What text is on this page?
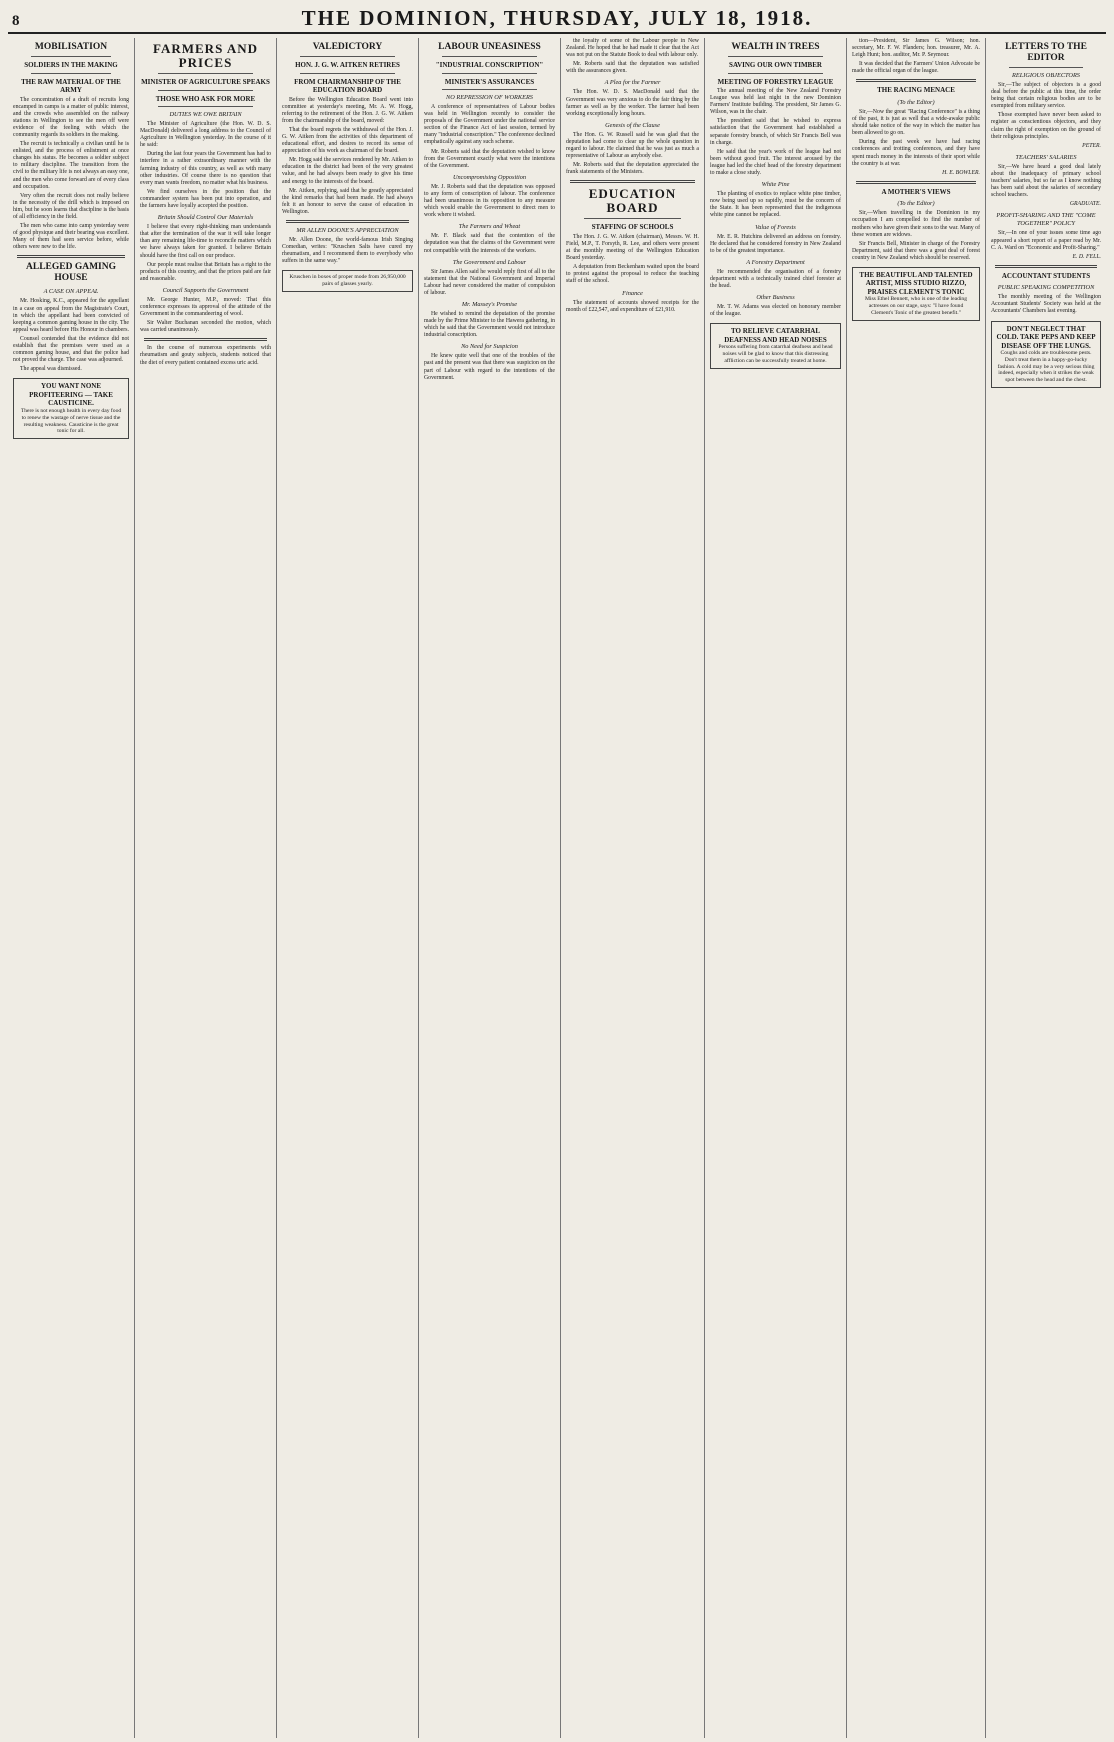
8	THE DOMINION, THURSDAY, JULY 18, 1918.
MOBILISATION
SOLDIERS IN THE MAKING
THE RAW MATERIAL OF THE ARMY

The concentration of a draft of recruits long encamped in camps is a matter of public interest, and the crowds who assembled on the railway stations in Wellington to see the men off were evidence of the feeling with which the community regards its soldiers in the making.

The recruit is technically a civilian until he is enlisted, and the process of enlistment at once changes his status. He becomes a soldier subject to military discipline. The transition from the civil to the military life is not always an easy one, and the men who come forward are of every class and occupation.

Very often the recruit does not really believe in the necessity of the drill which is imposed on him, but he soon learns that discipline is the basis of all efficiency in the field.

The men who came into camp yesterday were of good physique and their bearing was excellent. Many of them had seen service before, while others were new to the life.

ALLEGED GAMING HOUSE
A CASE ON APPEAL

Mr. Hosking, K.C., appeared for the appellant in a case on appeal from the Magistrate's Court, in which the appellant had been convicted of keeping a common gaming house in the city. The appeal was heard before His Honour in chambers.

Counsel contended that the evidence did not establish that the premises were used as a common gaming house, and that the police had not proved the charge. The case was adjourned.

The appeal was dismissed.

YOU WANT NONE PROFITEERING — TAKE CAUSTICINE.
There is not enough health in every day food to renew the wastage of nerve tissue and the resulting weakness. Causticine is the great tonic for all.
FARMERS AND PRICES
MINISTER OF AGRICULTURE SPEAKS
THOSE WHO ASK FOR MORE
DUTIES WE OWE BRITAIN

The Minister of Agriculture (the Hon. W. D. S. MacDonald) delivered a long address to the Council of Agriculture in Wellington yesterday. In the course of it he said:

During the last four years the Government has had to interfere in a rather extraordinary manner with the farming industry of this country, as well as with many other industries. Of course there is no question that every man wants freedom, no matter what his business.

We find ourselves in the position that the commandeer system has been put into operation, and the farmers have loyally accepted the position.

Britain Should Control Our Materials

I believe that every right-thinking man understands that after the termination of the war it will take longer than any remaining life-time to reconcile matters which we have always taken for granted. I believe Britain should have the first call on our produce.

Our people must realise that Britain has a right to the products of this country, and that the prices paid are fair and reasonable.

Council Supports the Government

Mr. George Hunter, M.P., moved: That this conference expresses its approval of the attitude of the Government in the commandeering of wool.

Sir Walter Buchanan seconded the motion, which was carried unanimously.

In the course of numerous experiments with rheumatism and gouty subjects, students noticed that the diet of every patient contained excess uric acid.

VALEDICTORY
HON. J. G. W. AITKEN RETIRES
FROM CHAIRMANSHIP OF THE EDUCATION BOARD

Before the Wellington Education Board went into committee at yesterday's meeting, Mr. A. W. Hogg, referring to the retirement of the Hon. J. G. W. Aitken from the chairmanship of the board, moved:

That the board regrets the withdrawal of the Hon. J. G. W. Aitken from the activities of this department of educational effort, and desires to record its sense of appreciation of his work as chairman of the board.

Mr. Hogg said the services rendered by Mr. Aitken to education in the district had been of the very greatest value, and he had always been ready to give his time and energy to the interests of the board.

Mr. Aitken, replying, said that he greatly appreciated the kind remarks that had been made. He had always felt it an honour to serve the cause of education in Wellington.

MR ALLEN DOONE'S APPRECIATION

Mr. Allen Doone, the world-famous Irish Singing Comedian, writes: "Kruschen Salts have cured my rheumatism, and I recommend them to everybody who suffers in the same way."

Kruschen in boxes of proper mode from 26,950,000 pairs of glasses yearly.
LABOUR UNEASINESS
"INDUSTRIAL CONSCRIPTION"
MINISTER'S ASSURANCES
NO REPRESSION OF WORKERS

A conference of representatives of Labour bodies was held in Wellington recently to consider the proposals of the Government under the national service section of the Finance Act of last session, termed by many "industrial conscription." The conference declined emphatically against any such scheme.

Mr. Roberts said that the deputation wished to know from the Government exactly what were the intentions of the Government.

Uncompromising Opposition

Mr. J. Roberts said that the deputation was opposed to any form of conscription of labour. The conference had been unanimous in its opposition to any measure which would enable the Government to direct men to work where it wished.

The Farmers and Wheat

Mr. F. Black said that the contention of the deputation was that the claims of the Government were not compatible with the interests of the workers.

The Government and Labour

Sir James Allen said he would reply first of all to the statement that the National Government and Imperial Labour had never considered the matter of compulsion of labour.

Mr. Massey's Promise

He wished to remind the deputation of the promise made by the Prime Minister to the Hawera gathering, in which he said that the Government would not introduce industrial conscription.

No Need for Suspicion

He knew quite well that one of the troubles of the past and the present was that there was suspicion on the part of Labour with regard to the intentions of the Government.

the loyalty of some of the Labour people in New Zealand. He hoped that he had made it clear that the Act was not put on the Statute Book to deal with labour only.

Mr. Roberts said that the deputation was satisfied with the assurances given.

A Plea for the Farmer

The Hon. W. D. S. MacDonald said that the Government was very anxious to do the fair thing by the farmer as well as by the worker. The farmer had been working exceptionally long hours.

Genesis of the Clause

The Hon. G. W. Russell said he was glad that the deputation had come to clear up the whole question in regard to labour. He claimed that he was just as much a representative of Labour as anybody else.

Mr. Roberts said that the deputation appreciated the frank statements of the Ministers.

EDUCATION BOARD
STAFFING OF SCHOOLS

The Hon. J. G. W. Aitken (chairman), Messrs. W. H. Field, M.P., T. Forsyth, R. Lee, and others were present at the monthly meeting of the Wellington Education Board yesterday.

A deputation from Beckenham waited upon the board to protest against the proposal to reduce the teaching staff of the school.

Finance

The statement of accounts showed receipts for the month of £22,547, and expenditure of £21,910.

WEALTH IN TREES
SAVING OUR OWN TIMBER
MEETING OF FORESTRY LEAGUE

The annual meeting of the New Zealand Forestry League was held last night in the new Dominion Farmers' Institute building. The president, Sir James G. Wilson, was in the chair.

The president said that he wished to express satisfaction that the Government had established a separate forestry branch, of which Sir Francis Bell was in charge.

He said that the year's work of the league had not been without good fruit. The interest aroused by the league had led the chief head of the forestry department to make a close study.

White Pine

The planting of exotics to replace white pine timber, now being used up so rapidly, must be the concern of the State. It has been represented that the indigenous white pine cannot be replaced.

Value of Forests

Mr. E. R. Hutchins delivered an address on forestry. He declared that he considered forestry in New Zealand to be of the greatest importance.

A Forestry Department

He recommended the organisation of a forestry department with a technically trained chief forester at the head.

Other Business

Mr. T. W. Adams was elected on honorary member of the league.

TO RELIEVE CATARRHAL DEAFNESS AND HEAD NOISES
Persons suffering from catarrhal deafness and head noises will be glad to know that this distressing affliction can be successfully treated at home.

tion—President, Sir James G. Wilson; hon. secretary, Mr. F. W. Flanders; hon. treasurer, Mr. A. Leigh Hunt; hon. auditor, Mr. P. Seymour.

It was decided that the Farmers' Union Advocate be made the official organ of the league.

THE RACING MENACE
(To the Editor)

Sir,—Now the great "Racing Conference" is a thing of the past, it is just as well that a wide-awake public should take notice of the way in which the matter has been allowed to go on.

During the past week we have had racing conferences and trotting conferences, and they have spent much money in the interests of their sport while the country is at war.

H. E. BOWLER.
A MOTHER'S VIEWS
(To the Editor)

Sir,—When travelling in the Dominion in my occupation I am compelled to find the number of mothers who have given their sons to the war. Many of these women are widows.

Sir Francis Bell, Minister in charge of the Forestry Department, said that there was a great deal of forest country in New Zealand which should be reserved.

THE BEAUTIFUL AND TALENTED ARTIST, MISS STUDIO RIZZO, PRAISES CLEMENT'S TONIC
Miss Ethel Bennett, who is one of the leading actresses on our stage, says: "I have found Clement's Tonic of the greatest benefit."
LETTERS TO THE EDITOR
RELIGIOUS OBJECTORS

Sir,—The subject of objectors is a good deal before the public at this time, the order being that certain religious bodies are to be exempted from military service.

Those exempted have never been asked to register as conscientious objectors, and they claim the right of exemption on the ground of their religious principles.

PETER.
TEACHERS' SALARIES

Sir,—We have heard a good deal lately about the inadequacy of primary school teachers' salaries, but so far as I know nothing has been said about the salaries of secondary school teachers.

GRADUATE.
PROFIT-SHARING AND THE "COME TOGETHER" POLICY

Sir,—In one of your issues some time ago appeared a short report of a paper read by Mr. C. A. Ward on "Economic and Profit-Sharing."

E. D. FELL.
ACCOUNTANT STUDENTS
PUBLIC SPEAKING COMPETITION

The monthly meeting of the Wellington Accountant Students' Society was held at the Accountants' Chambers last evening.

DON'T NEGLECT THAT COLD. TAKE PEPS AND KEEP DISEASE OFF THE LUNGS.
Coughs and colds are troublesome pests. Don't treat them in a happy-go-lucky fashion. A cold may be a very serious thing indeed, especially when it strikes the weak spot between the head and the chest.
